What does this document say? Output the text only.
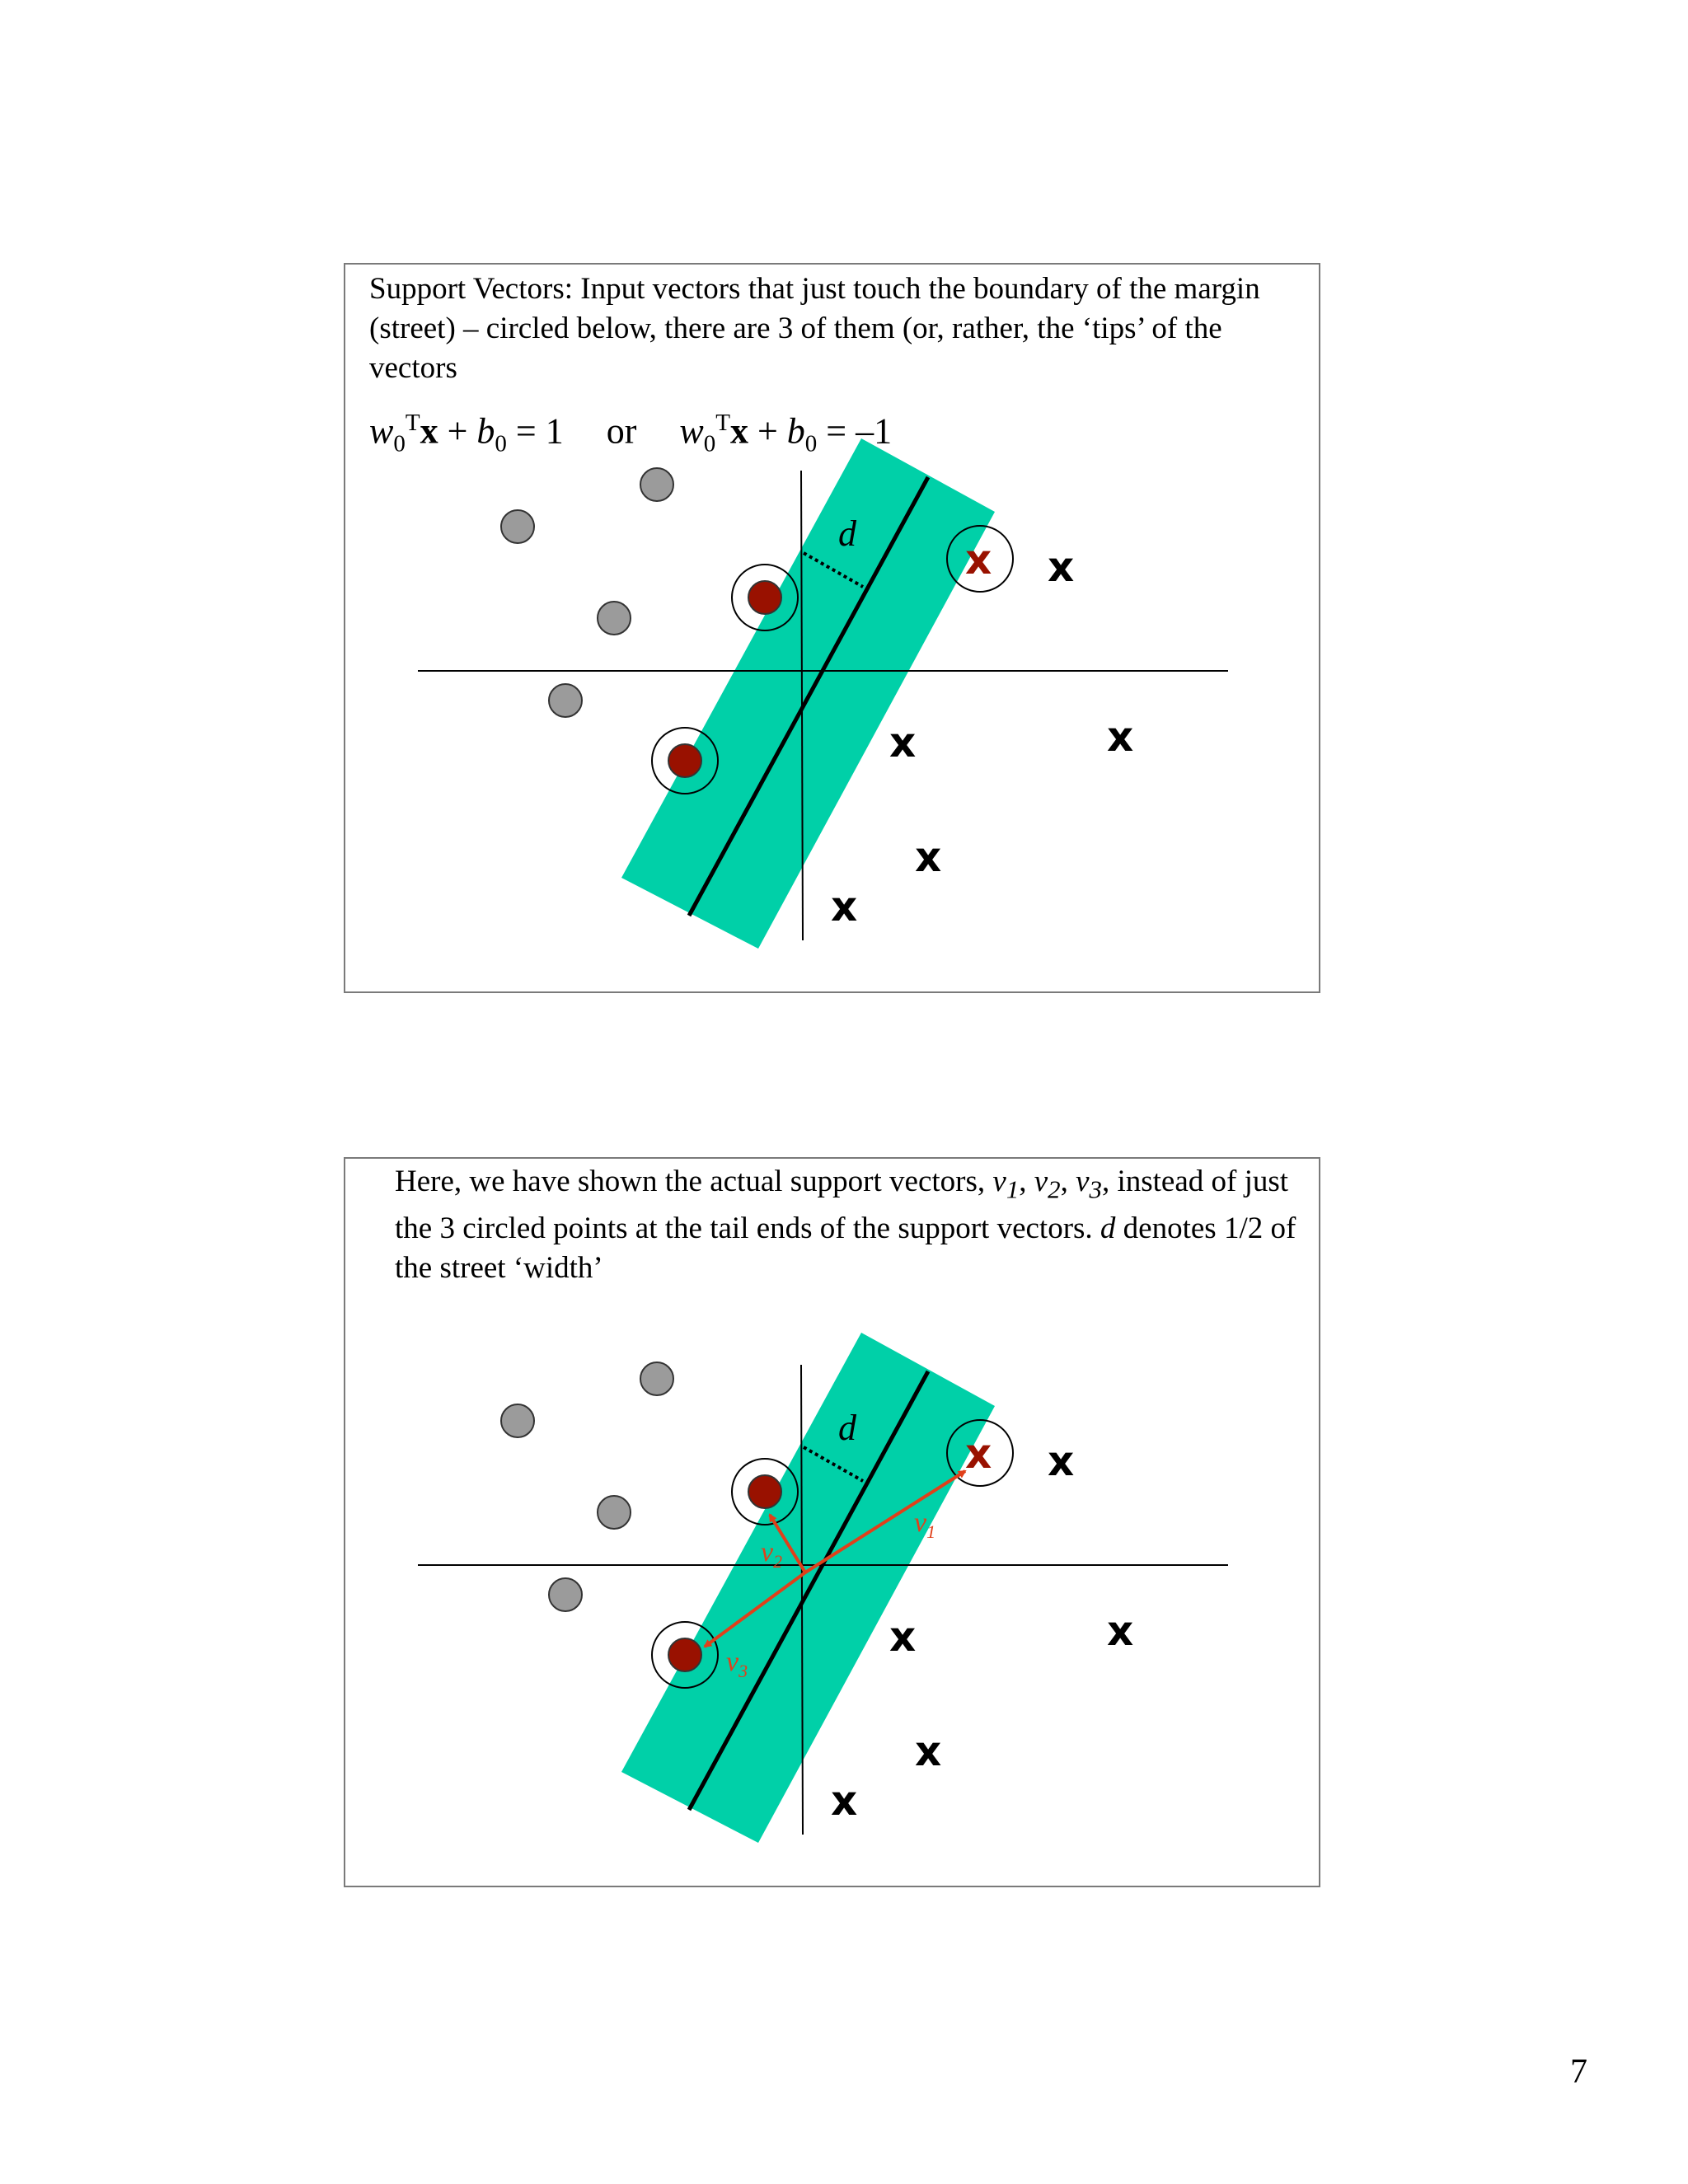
Support Vectors: Input vectors that just touch the boundary of the margin (street) – circled below, there are 3 of them (or, rather, the ‘tips’ of the vectors

$w_0^Tx + b_0 = 1$ or $w_0^Tx + b_0 = -1$
d
x x
x
x
x
x

Here, we have shown the actual support vectors, $v_1$, $v_2$, $v_3$, instead of just the 3 circled points at the tail ends of the support vectors. d denotes 1/2 of the street ‘width’

d
x
$v_1$
$v_2$
$v_3$
x
x
x
x
x
7
